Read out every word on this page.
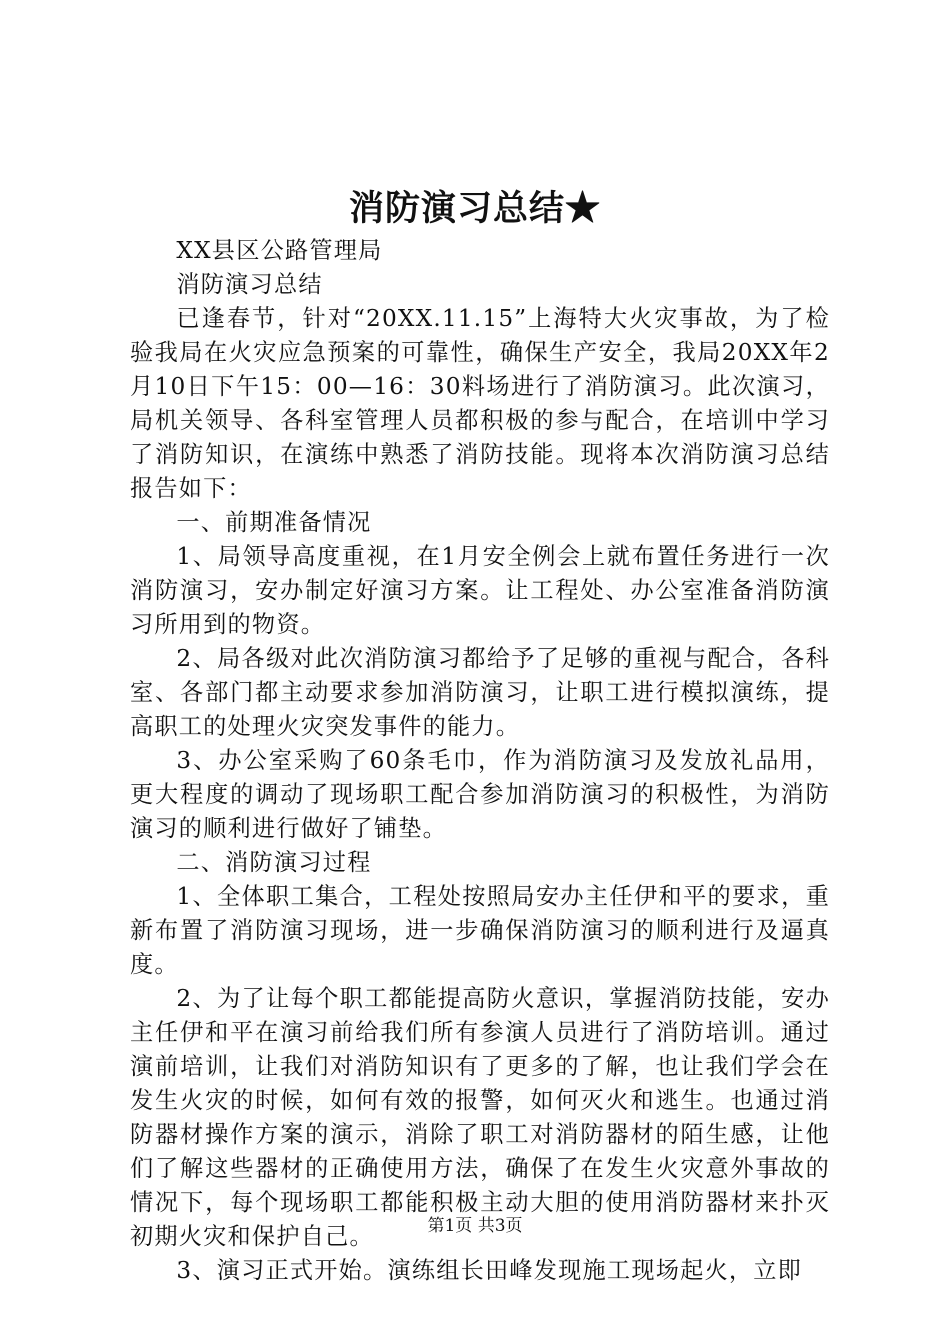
消防演习总结★

XX县区公路管理局

消防演习总结

已逢春节，针对“20XX.11.15”上海特大火灾事故，为了检验我局在火灾应急预案的可靠性，确保生产安全，我局20XX年2月10日下午15：00—16：30料场进行了消防演习。此次演习，局机关领导、各科室管理人员都积极的参与配合，在培训中学习了消防知识，在演练中熟悉了消防技能。现将本次消防演习总结报告如下：

一、前期准备情况

1、局领导高度重视，在1月安全例会上就布置任务进行一次消防演习，安办制定好演习方案。让工程处、办公室准备消防演习所用到的物资。

2、局各级对此次消防演习都给予了足够的重视与配合，各科室、各部门都主动要求参加消防演习，让职工进行模拟演练，提高职工的处理火灾突发事件的能力。

3、办公室采购了60条毛巾，作为消防演习及发放礼品用，更大程度的调动了现场职工配合参加消防演习的积极性，为消防演习的顺利进行做好了铺垫。

二、消防演习过程

1、全体职工集合，工程处按照局安办主任伊和平的要求，重新布置了消防演习现场，进一步确保消防演习的顺利进行及逼真度。

2、为了让每个职工都能提高防火意识，掌握消防技能，安办主任伊和平在演习前给我们所有参演人员进行了消防培训。通过演前培训，让我们对消防知识有了更多的了解，也让我们学会在发生火灾的时候，如何有效的报警，如何灭火和逃生。也通过消防器材操作方案的演示，消除了职工对消防器材的陌生感，让他们了解这些器材的正确使用方法，确保了在发生火灾意外事故的情况下，每个现场职工都能积极主动大胆的使用消防器材来扑灭初期火灾和保护自己。

3、演习正式开始。演练组长田峰发现施工现场起火，立即

第1页 共3页
